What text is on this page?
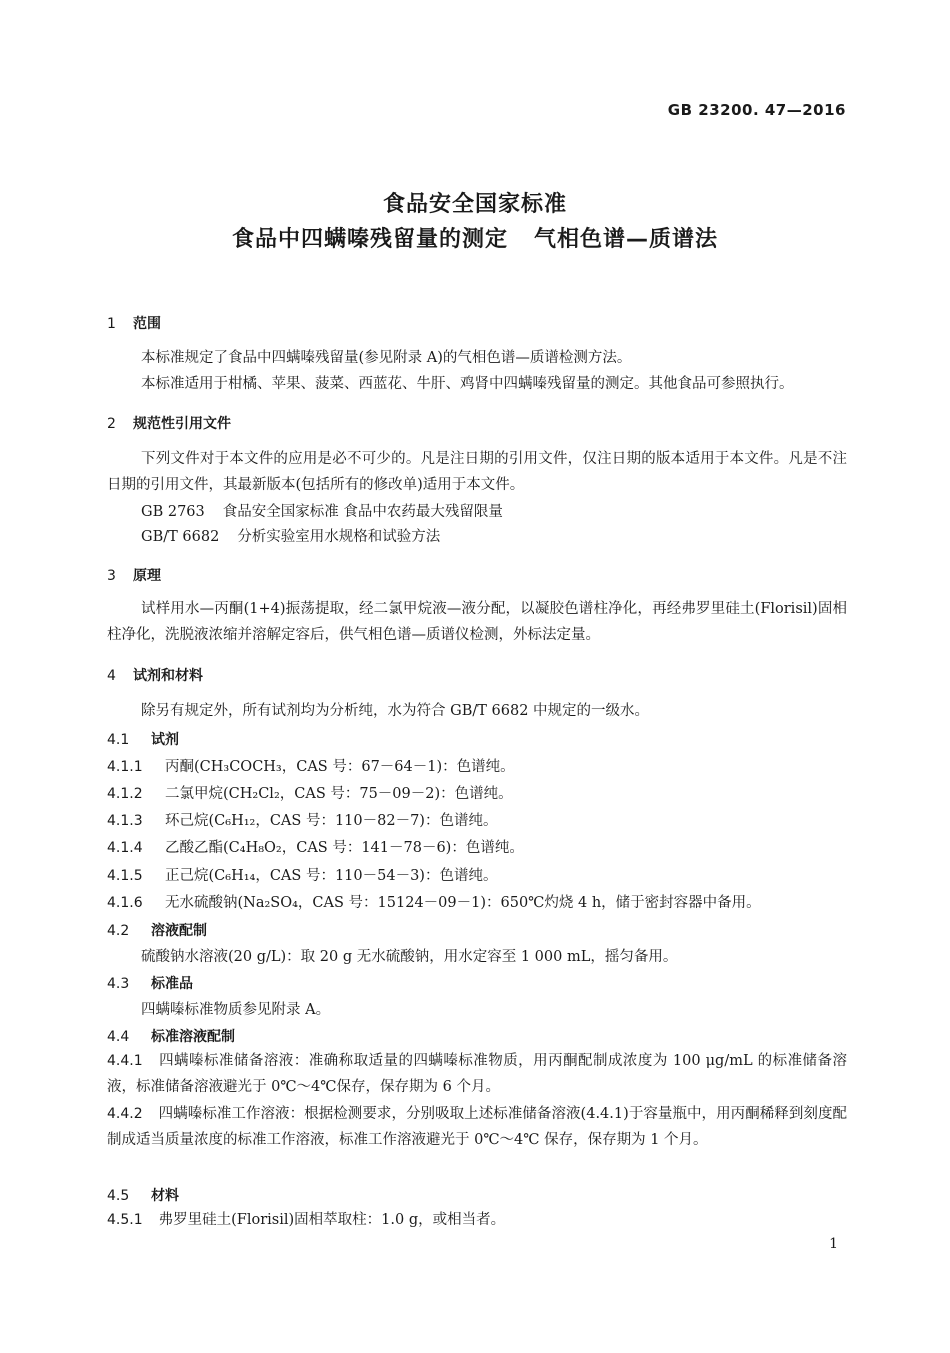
GB 23200. 47—2016
食品安全国家标准
食品中四螨嗪残留量的测定 气相色谱—质谱法
1 范围
本标准规定了食品中四螨嗪残留量(参见附录 A)的气相色谱—质谱检测方法。
本标准适用于柑橘、苹果、菠菜、西蓝花、牛肝、鸡肾中四螨嗪残留量的测定。其他食品可参照执行。
2 规范性引用文件
下列文件对于本文件的应用是必不可少的。凡是注日期的引用文件，仅注日期的版本适用于本文件。凡是不注日期的引用文件，其最新版本(包括所有的修改单)适用于本文件。
GB 2763 食品安全国家标准 食品中农药最大残留限量
GB/T 6682 分析实验室用水规格和试验方法
3 原理
试样用水—丙酮(1+4)振荡提取，经二氯甲烷液—液分配，以凝胶色谱柱净化，再经弗罗里硅土(Florisil)固相柱净化，洗脱液浓缩并溶解定容后，供气相色谱—质谱仪检测，外标法定量。
4 试剂和材料
除另有规定外，所有试剂均为分析纯，水为符合 GB/T 6682 中规定的一级水。
4.1 试剂
4.1.1 丙酮(CH₃COCH₃，CAS 号：67－64－1)：色谱纯。
4.1.2 二氯甲烷(CH₂Cl₂，CAS 号：75－09－2)：色谱纯。
4.1.3 环己烷(C₆H₁₂，CAS 号：110－82－7)：色谱纯。
4.1.4 乙酸乙酯(C₄H₈O₂，CAS 号：141－78－6)：色谱纯。
4.1.5 正己烷(C₆H₁₄，CAS 号：110－54－3)：色谱纯。
4.1.6 无水硫酸钠(Na₂SO₄，CAS 号：15124－09－1)：650℃灼烧 4 h，储于密封容器中备用。
4.2 溶液配制
硫酸钠水溶液(20 g/L)：取 20 g 无水硫酸钠，用水定容至 1 000 mL，摇匀备用。
4.3 标准品
四螨嗪标准物质参见附录 A。
4.4 标准溶液配制
4.4.1 四螨嗪标准储备溶液：准确称取适量的四螨嗪标准物质，用丙酮配制成浓度为 100 μg/mL 的标准储备溶液，标准储备溶液避光于 0℃～4℃保存，保存期为 6 个月。
4.4.2 四螨嗪标准工作溶液：根据检测要求，分别吸取上述标准储备溶液(4.4.1)于容量瓶中，用丙酮稀释到刻度配制成适当质量浓度的标准工作溶液，标准工作溶液避光于 0℃～4℃ 保存，保存期为 1 个月。
4.5 材料
4.5.1 弗罗里硅土(Florisil)固相萃取柱：1.0 g，或相当者。
1
